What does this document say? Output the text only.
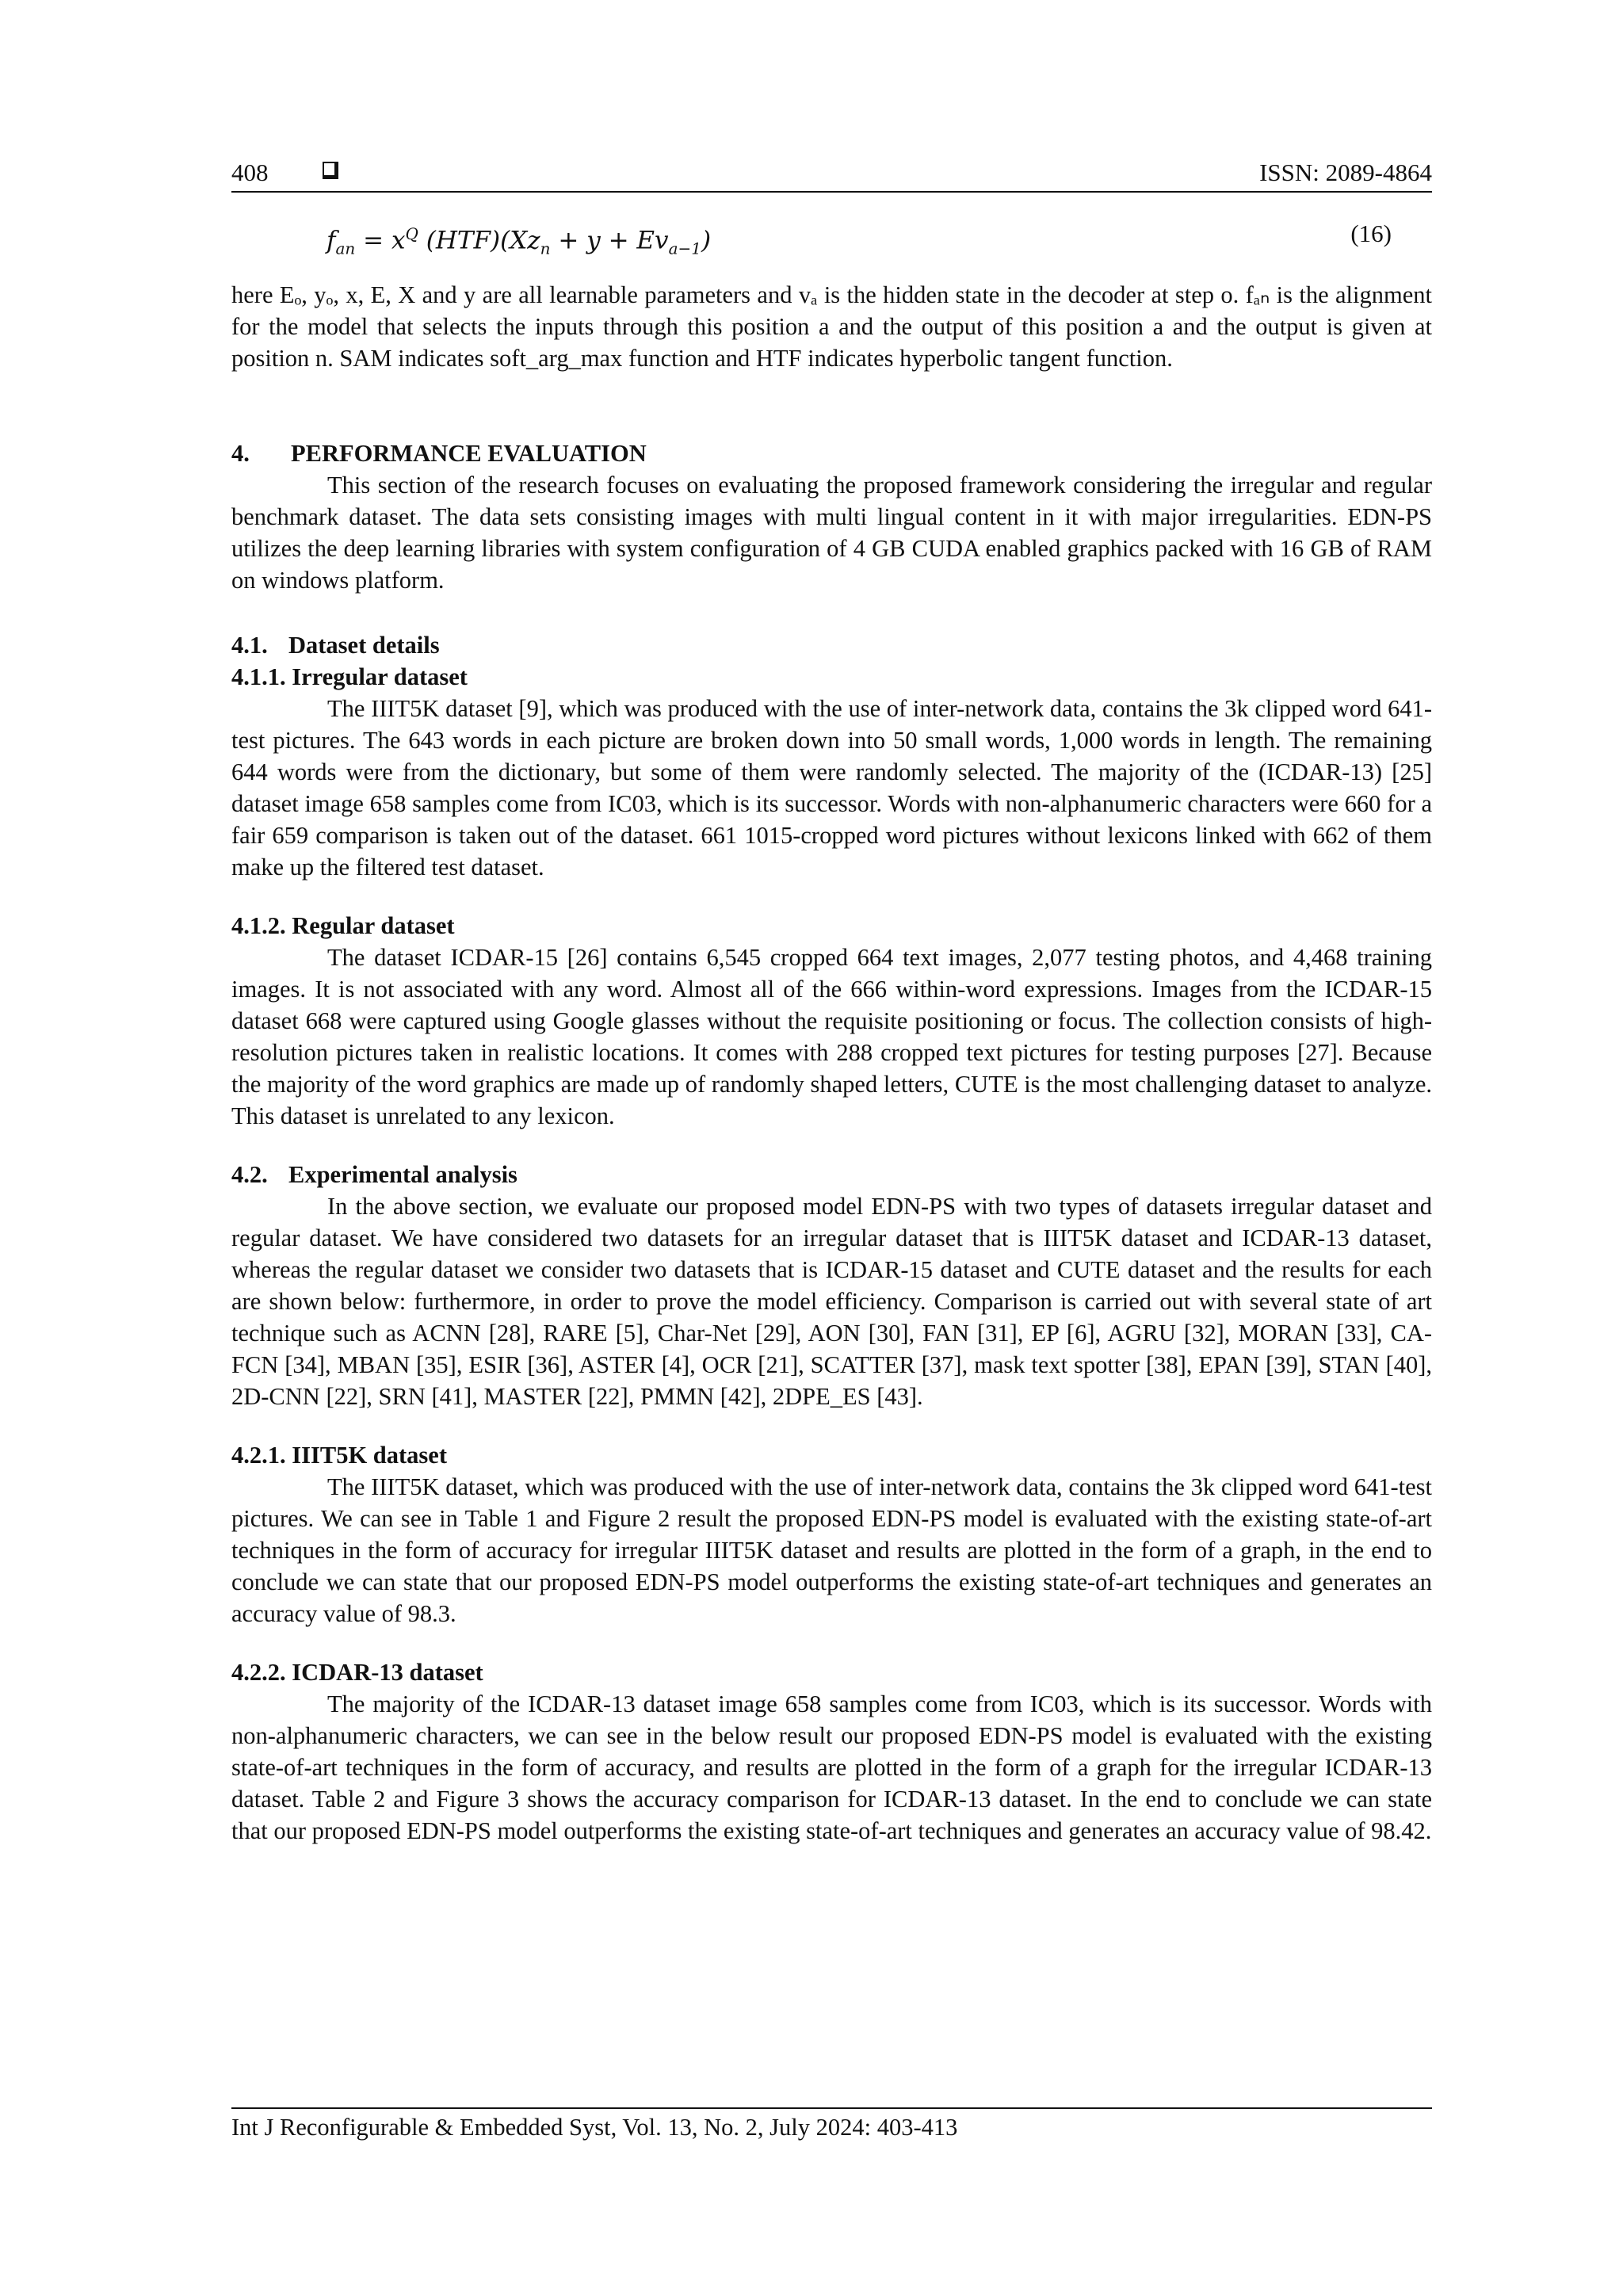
408	ISSN: 2089-4864
$f_{an} = x^Q$ $(HTF)(Xz_n + y + Ev_{a-1})$	(16)

here Eₒ, yₒ, x, E, X and y are all learnable parameters and vₐ is the hidden state in the decoder at step o. fₐₙ is the alignment for the model that selects the inputs through this position a and the output of this position a and the output is given at position n. SAM indicates soft_arg_max function and HTF indicates hyperbolic tangent function.

4. PERFORMANCE EVALUATION

This section of the research focuses on evaluating the proposed framework considering the irregular and regular benchmark dataset. The data sets consisting images with multi lingual content in it with major irregularities. EDN-PS utilizes the deep learning libraries with system configuration of 4 GB CUDA enabled graphics packed with 16 GB of RAM on windows platform.

4.1. Dataset details
4.1.1. Irregular dataset

The IIIT5K dataset [9], which was produced with the use of inter-network data, contains the 3k clipped word 641-test pictures. The 643 words in each picture are broken down into 50 small words, 1,000 words in length. The remaining 644 words were from the dictionary, but some of them were randomly selected. The majority of the (ICDAR-13) [25] dataset image 658 samples come from IC03, which is its successor. Words with non-alphanumeric characters were 660 for a fair 659 comparison is taken out of the dataset. 661 1015-cropped word pictures without lexicons linked with 662 of them make up the filtered test dataset.

4.1.2. Regular dataset

The dataset ICDAR-15 [26] contains 6,545 cropped 664 text images, 2,077 testing photos, and 4,468 training images. It is not associated with any word. Almost all of the 666 within-word expressions. Images from the ICDAR-15 dataset 668 were captured using Google glasses without the requisite positioning or focus. The collection consists of high-resolution pictures taken in realistic locations. It comes with 288 cropped text pictures for testing purposes [27]. Because the majority of the word graphics are made up of randomly shaped letters, CUTE is the most challenging dataset to analyze. This dataset is unrelated to any lexicon.

4.2. Experimental analysis

In the above section, we evaluate our proposed model EDN-PS with two types of datasets irregular dataset and regular dataset. We have considered two datasets for an irregular dataset that is IIIT5K dataset and ICDAR-13 dataset, whereas the regular dataset we consider two datasets that is ICDAR-15 dataset and CUTE dataset and the results for each are shown below: furthermore, in order to prove the model efficiency. Comparison is carried out with several state of art technique such as ACNN [28], RARE [5], Char-Net [29], AON [30], FAN [31], EP [6], AGRU [32], MORAN [33], CA-FCN [34], MBAN [35], ESIR [36], ASTER [4], OCR [21], SCATTER [37], mask text spotter [38], EPAN [39], STAN [40], 2D-CNN [22], SRN [41], MASTER [22], PMMN [42], 2DPE_ES [43].

4.2.1. IIIT5K dataset

The IIIT5K dataset, which was produced with the use of inter-network data, contains the 3k clipped word 641-test pictures. We can see in Table 1 and Figure 2 result the proposed EDN-PS model is evaluated with the existing state-of-art techniques in the form of accuracy for irregular IIIT5K dataset and results are plotted in the form of a graph, in the end to conclude we can state that our proposed EDN-PS model outperforms the existing state-of-art techniques and generates an accuracy value of 98.3.

4.2.2. ICDAR-13 dataset

The majority of the ICDAR-13 dataset image 658 samples come from IC03, which is its successor. Words with non-alphanumeric characters, we can see in the below result our proposed EDN-PS model is evaluated with the existing state-of-art techniques in the form of accuracy, and results are plotted in the form of a graph for the irregular ICDAR-13 dataset. Table 2 and Figure 3 shows the accuracy comparison for ICDAR-13 dataset. In the end to conclude we can state that our proposed EDN-PS model outperforms the existing state-of-art techniques and generates an accuracy value of 98.42.

Int J Reconfigurable & Embedded Syst, Vol. 13, No. 2, July 2024: 403-413
